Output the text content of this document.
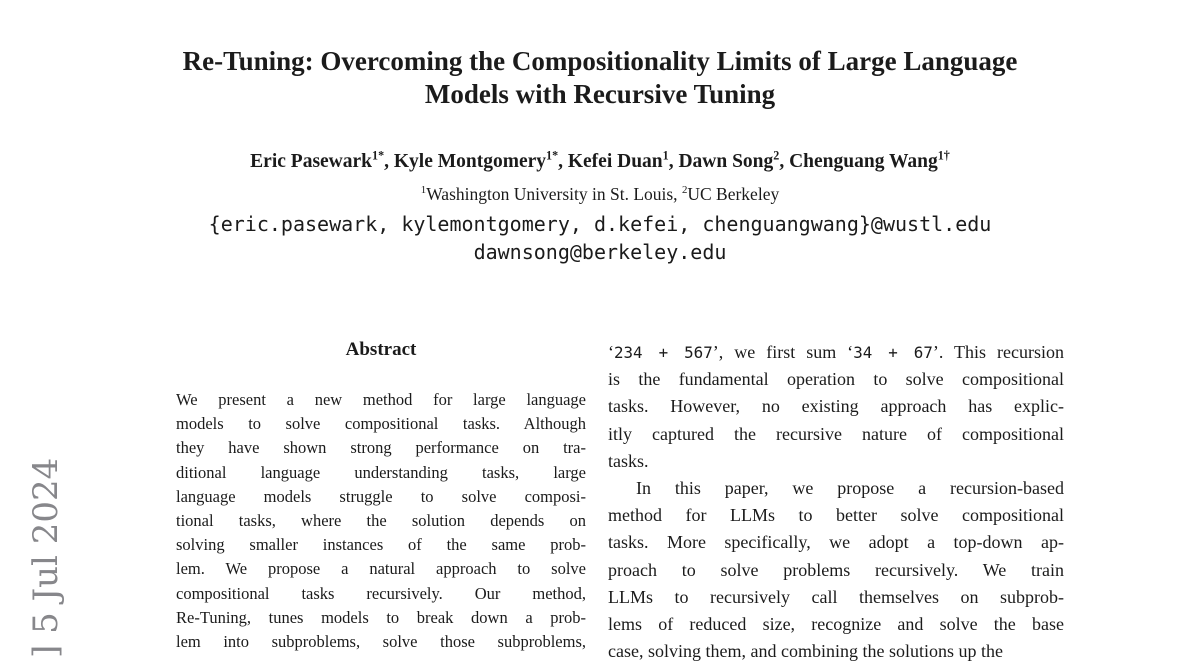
] 5 Jul 2024
Re-Tuning: Overcoming the Compositionality Limits of Large Language
Models with Recursive Tuning
Eric Pasewark$^{1*}$, Kyle Montgomery$^{1*}$, Kefei Duan$^1$, Dawn Song$^2$, Chenguang Wang$^{1\dagger}$
$^1$Washington University in St. Louis, $^2$UC Berkeley
{eric.pasewark, kylemontgomery, d.kefei, chenguangwang}@wustl.edu
dawnsong@berkeley.edu
Abstract
We present a new method for large language
models to solve compositional tasks. Although
they have shown strong performance on tra-
ditional language understanding tasks, large
language models struggle to solve composi-
tional tasks, where the solution depends on
solving smaller instances of the same prob-
lem. We propose a natural approach to solve
compositional tasks recursively. Our method,
Re-Tuning, tunes models to break down a prob-
lem into subproblems, solve those subproblems,
‘234 + 567’, we first sum ‘34 + 67’. This recursion
is the fundamental operation to solve compositional
tasks. However, no existing approach has explic-
itly captured the recursive nature of compositional
tasks.
In this paper, we propose a recursion-based
method for LLMs to better solve compositional
tasks. More specifically, we adopt a top-down ap-
proach to solve problems recursively. We train
LLMs to recursively call themselves on subprob-
lems of reduced size, recognize and solve the base
case, solving them, and combining the solutions up the
